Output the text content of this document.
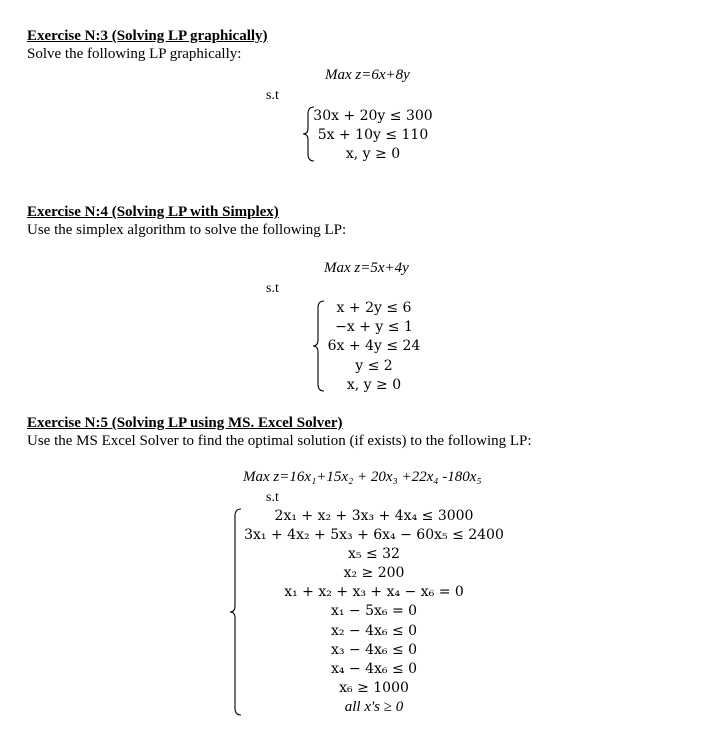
Exercise N:3 (Solving LP graphically)
Solve the following LP graphically:
Max z=6x+8y
s.t
30x + 20y ≤ 300
5x + 10y ≤ 110
x, y ≥ 0
Exercise N:4 (Solving LP with Simplex)
Use the simplex algorithm to solve the following LP:
Max z=5x+4y
s.t
x + 2y ≤ 6
−x + y ≤ 1
6x + 4y ≤ 24
y ≤ 2
x, y ≥ 0
Exercise N:5 (Solving LP using MS. Excel Solver)
Use the MS Excel Solver to find the optimal solution (if exists) to the following LP:
Max z=16x₁+15x₂ + 20x₃ +22x₄ -180x₅
s.t
2x₁ + x₂ + 3x₃ + 4x₄ ≤ 3000
3x₁ + 4x₂ + 5x₃ + 6x₄ − 60x₅ ≤ 2400
x₅ ≤ 32
x₂ ≥ 200
x₁ + x₂ + x₃ + x₄ − x₆ = 0
x₁ − 5x₆ = 0
x₂ − 4x₆ ≤ 0
x₃ − 4x₆ ≤ 0
x₄ − 4x₆ ≤ 0
x₆ ≥ 1000
all x's ≥ 0
